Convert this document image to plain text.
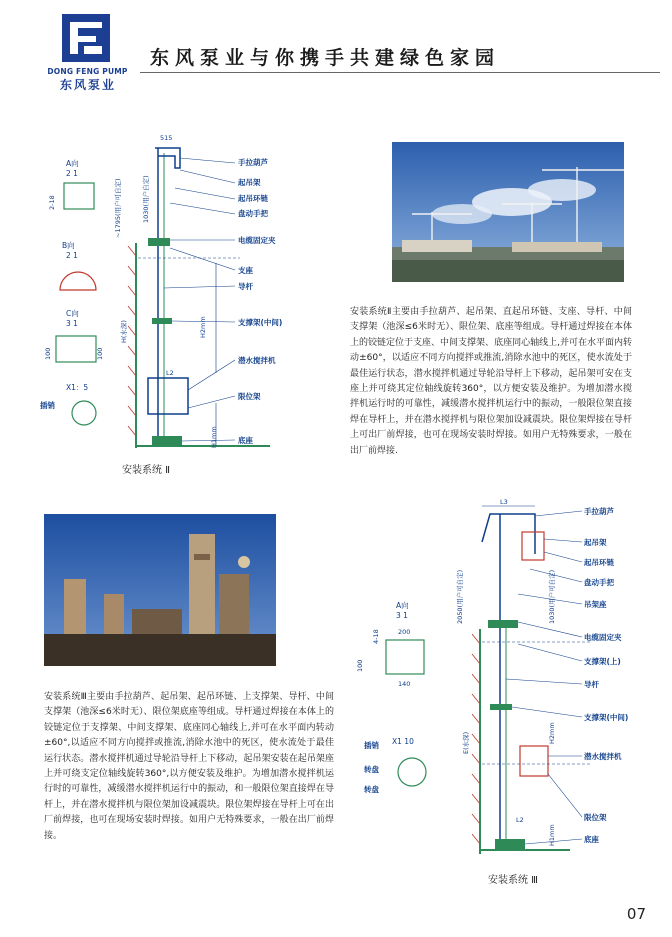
DONG FENG PUMP
东风泵业
东风泵业与你携手共建绿色家园
手拉葫芦
起吊架
起吊环链
盘动手把
电缆固定夹
支座
导杆
支撑架(中间)
潜水搅拌机
限位架
底座
515
~1795(用户可自定)	1030(用户自定)
H2mm
H(水深)
L2
H1mm
A向
2 1
2-18
B向
2 1
C向
3 1
100	100
X1：5
插销
安装系统Ⅱ主要由手拉葫芦、起吊架、直起吊环链、支座、导杆、中间支撑架（池深≤6米时无）、限位架、底座等组成。导杆通过焊接在本体上的铰链定位于支座、中间支撑架、底座同心轴线上,并可在水平面内转动±60°，以适应不同方向搅拌或推流,消除水池中的死区，使水流处于最佳运行状态，潜水搅拌机通过导轮沿导杆上下移动，起吊架可安在支座上并可绕其定位轴线旋转360°，以方便安装及维护。为增加潜水搅拌机运行时的可靠性，减缓潜水搅拌机运行中的振动，一般限位架直接焊在导杆上，并在潜水搅拌机与限位架加设减震块。限位架焊接在导杆上可出厂前焊接，也可在现场安装时焊接。如用户无特殊要求，一般在出厂前焊接.
安装系统 Ⅱ
安装系统Ⅲ主要由手拉葫芦、起吊架、起吊环链、上支撑架、导杆、中间支撑架（池深≤6米时无）、限位架底座等组成。导杆通过焊接在本体上的铰链定位于支撑架、中间支撑架、底座同心轴线上,并可在水平面内转动±60°,以适应不同方向搅拌或推流,消除水池中的死区，使水流处于最佳运行状态。潜水搅拌机通过导轮沿导杆上下移动，起吊架安装在起吊架座上并可绕支定位轴线旋转360°,以方便安装及维护。为增加潜水搅拌机运行时的可靠性，减缓潜水搅拌机运行中的振动，和一般限位架直接焊在导杆上，并在潜水搅拌机与限位架加设减震块。限位架焊接在导杆上可在出厂前焊接，也可在现场安装时焊接。如用户无特殊要求，一般在出厂前焊接。
手拉葫芦
起吊架
起吊环链
盘动手把
吊架座
电缆固定夹
支撑架(上)
导杆
支撑架(中间)
潜水搅拌机
限位架
底座
L3
2050(用户可自定)	1030(用户可自定)
H2mm
H1mm
L2
E(水深)
A向
3 1
4-18	200
140
100
X1 10
插销
转盘
转盘
安装系统 Ⅲ
07
